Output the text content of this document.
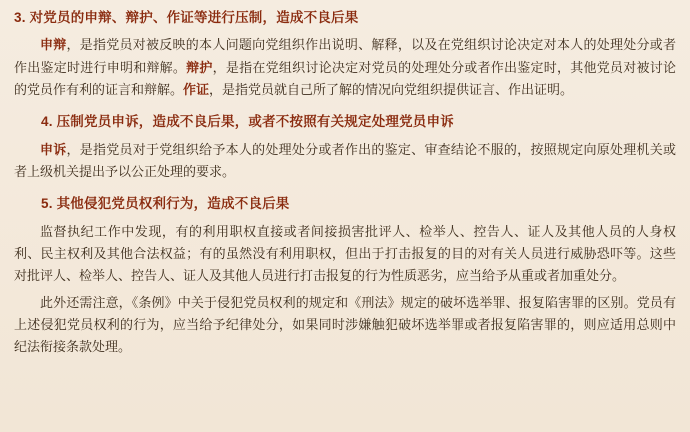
3. 对党员的申辩、辩护、作证等进行压制，造成不良后果

申辩，是指党员对被反映的本人问题向党组织作出说明、解释，以及在党组织讨论决定对本人的处理处分或者作出鉴定时进行申明和辩解。辩护，是指在党组织讨论决定对党员的处理处分或者作出鉴定时，其他党员对被讨论的党员作有利的证言和辩解。作证，是指党员就自己所了解的情况向党组织提供证言、作出证明。

4. 压制党员申诉，造成不良后果，或者不按照有关规定处理党员申诉

申诉，是指党员对于党组织给予本人的处理处分或者作出的鉴定、审查结论不服的，按照规定向原处理机关或者上级机关提出予以公正处理的要求。

5. 其他侵犯党员权利行为，造成不良后果

监督执纪工作中发现，有的利用职权直接或者间接损害批评人、检举人、控告人、证人及其他人员的人身权利、民主权利及其他合法权益；有的虽然没有利用职权，但出于打击报复的目的对有关人员进行威胁恐吓等。这些对批评人、检举人、控告人、证人及其他人员进行打击报复的行为性质恶劣，应当给予从重或者加重处分。

此外还需注意，《条例》中关于侵犯党员权利的规定和《刑法》规定的破坏选举罪、报复陷害罪的区别。党员有上述侵犯党员权利的行为，应当给予纪律处分，如果同时涉嫌触犯破坏选举罪或者报复陷害罪的，则应适用总则中纪法衔接条款处理。
